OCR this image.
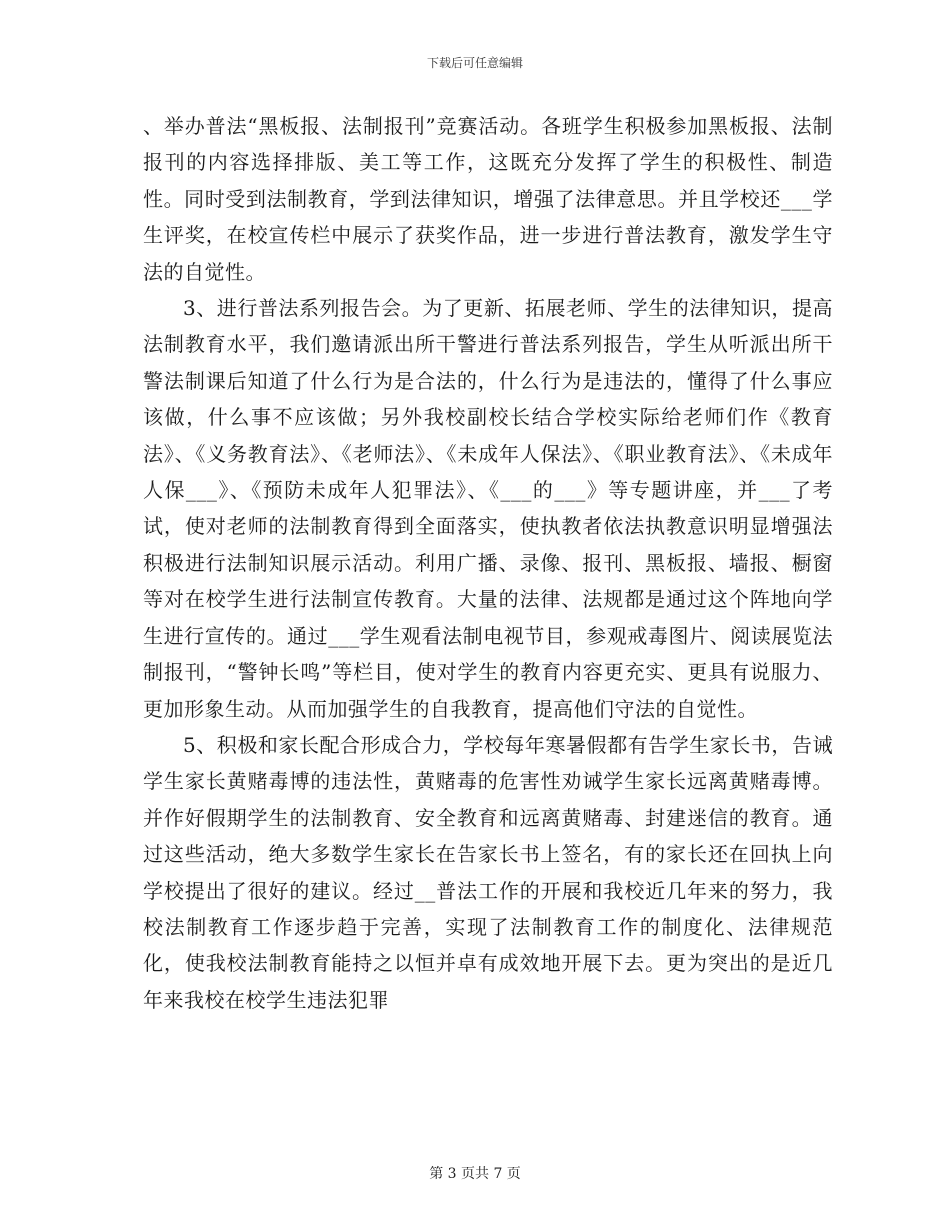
下载后可任意编辑

、举办普法“黑板报、法制报刊”竞赛活动。各班学生积极参加黑板报、法制报刊的内容选择排版、美工等工作，这既充分发挥了学生的积极性、制造性。同时受到法制教育，学到法律知识，增强了法律意思。并且学校还___学生评奖，在校宣传栏中展示了获奖作品，进一步进行普法教育，激发学生守法的自觉性。

3、进行普法系列报告会。为了更新、拓展老师、学生的法律知识，提高法制教育水平，我们邀请派出所干警进行普法系列报告，学生从听派出所干警法制课后知道了什么行为是合法的，什么行为是违法的，懂得了什么事应该做，什么事不应该做；另外我校副校长结合学校实际给老师们作《教育法》、《义务教育法》、《老师法》、《未成年人保法》、《职业教育法》、《未成年人保___》、《预防未成年人犯罪法》、《___的___》等专题讲座，并___了考试，使对老师的法制教育得到全面落实，使执教者依法执教意识明显增强法积极进行法制知识展示活动。利用广播、录像、报刊、黑板报、墙报、橱窗等对在校学生进行法制宣传教育。大量的法律、法规都是通过这个阵地向学生进行宣传的。通过___学生观看法制电视节目，参观戒毒图片、阅读展览法制报刊，“警钟长鸣”等栏目，使对学生的教育内容更充实、更具有说服力、更加形象生动。从而加强学生的自我教育，提高他们守法的自觉性。

5、积极和家长配合形成合力，学校每年寒暑假都有告学生家长书，告诫学生家长黄赌毒博的违法性，黄赌毒的危害性劝诫学生家长远离黄赌毒博。并作好假期学生的法制教育、安全教育和远离黄赌毒、封建迷信的教育。通过这些活动，绝大多数学生家长在告家长书上签名，有的家长还在回执上向学校提出了很好的建议。经过__普法工作的开展和我校近几年来的努力，我校法制教育工作逐步趋于完善，实现了法制教育工作的制度化、法律规范化，使我校法制教育能持之以恒并卓有成效地开展下去。更为突出的是近几年来我校在校学生违法犯罪

第 3 页共 7 页
